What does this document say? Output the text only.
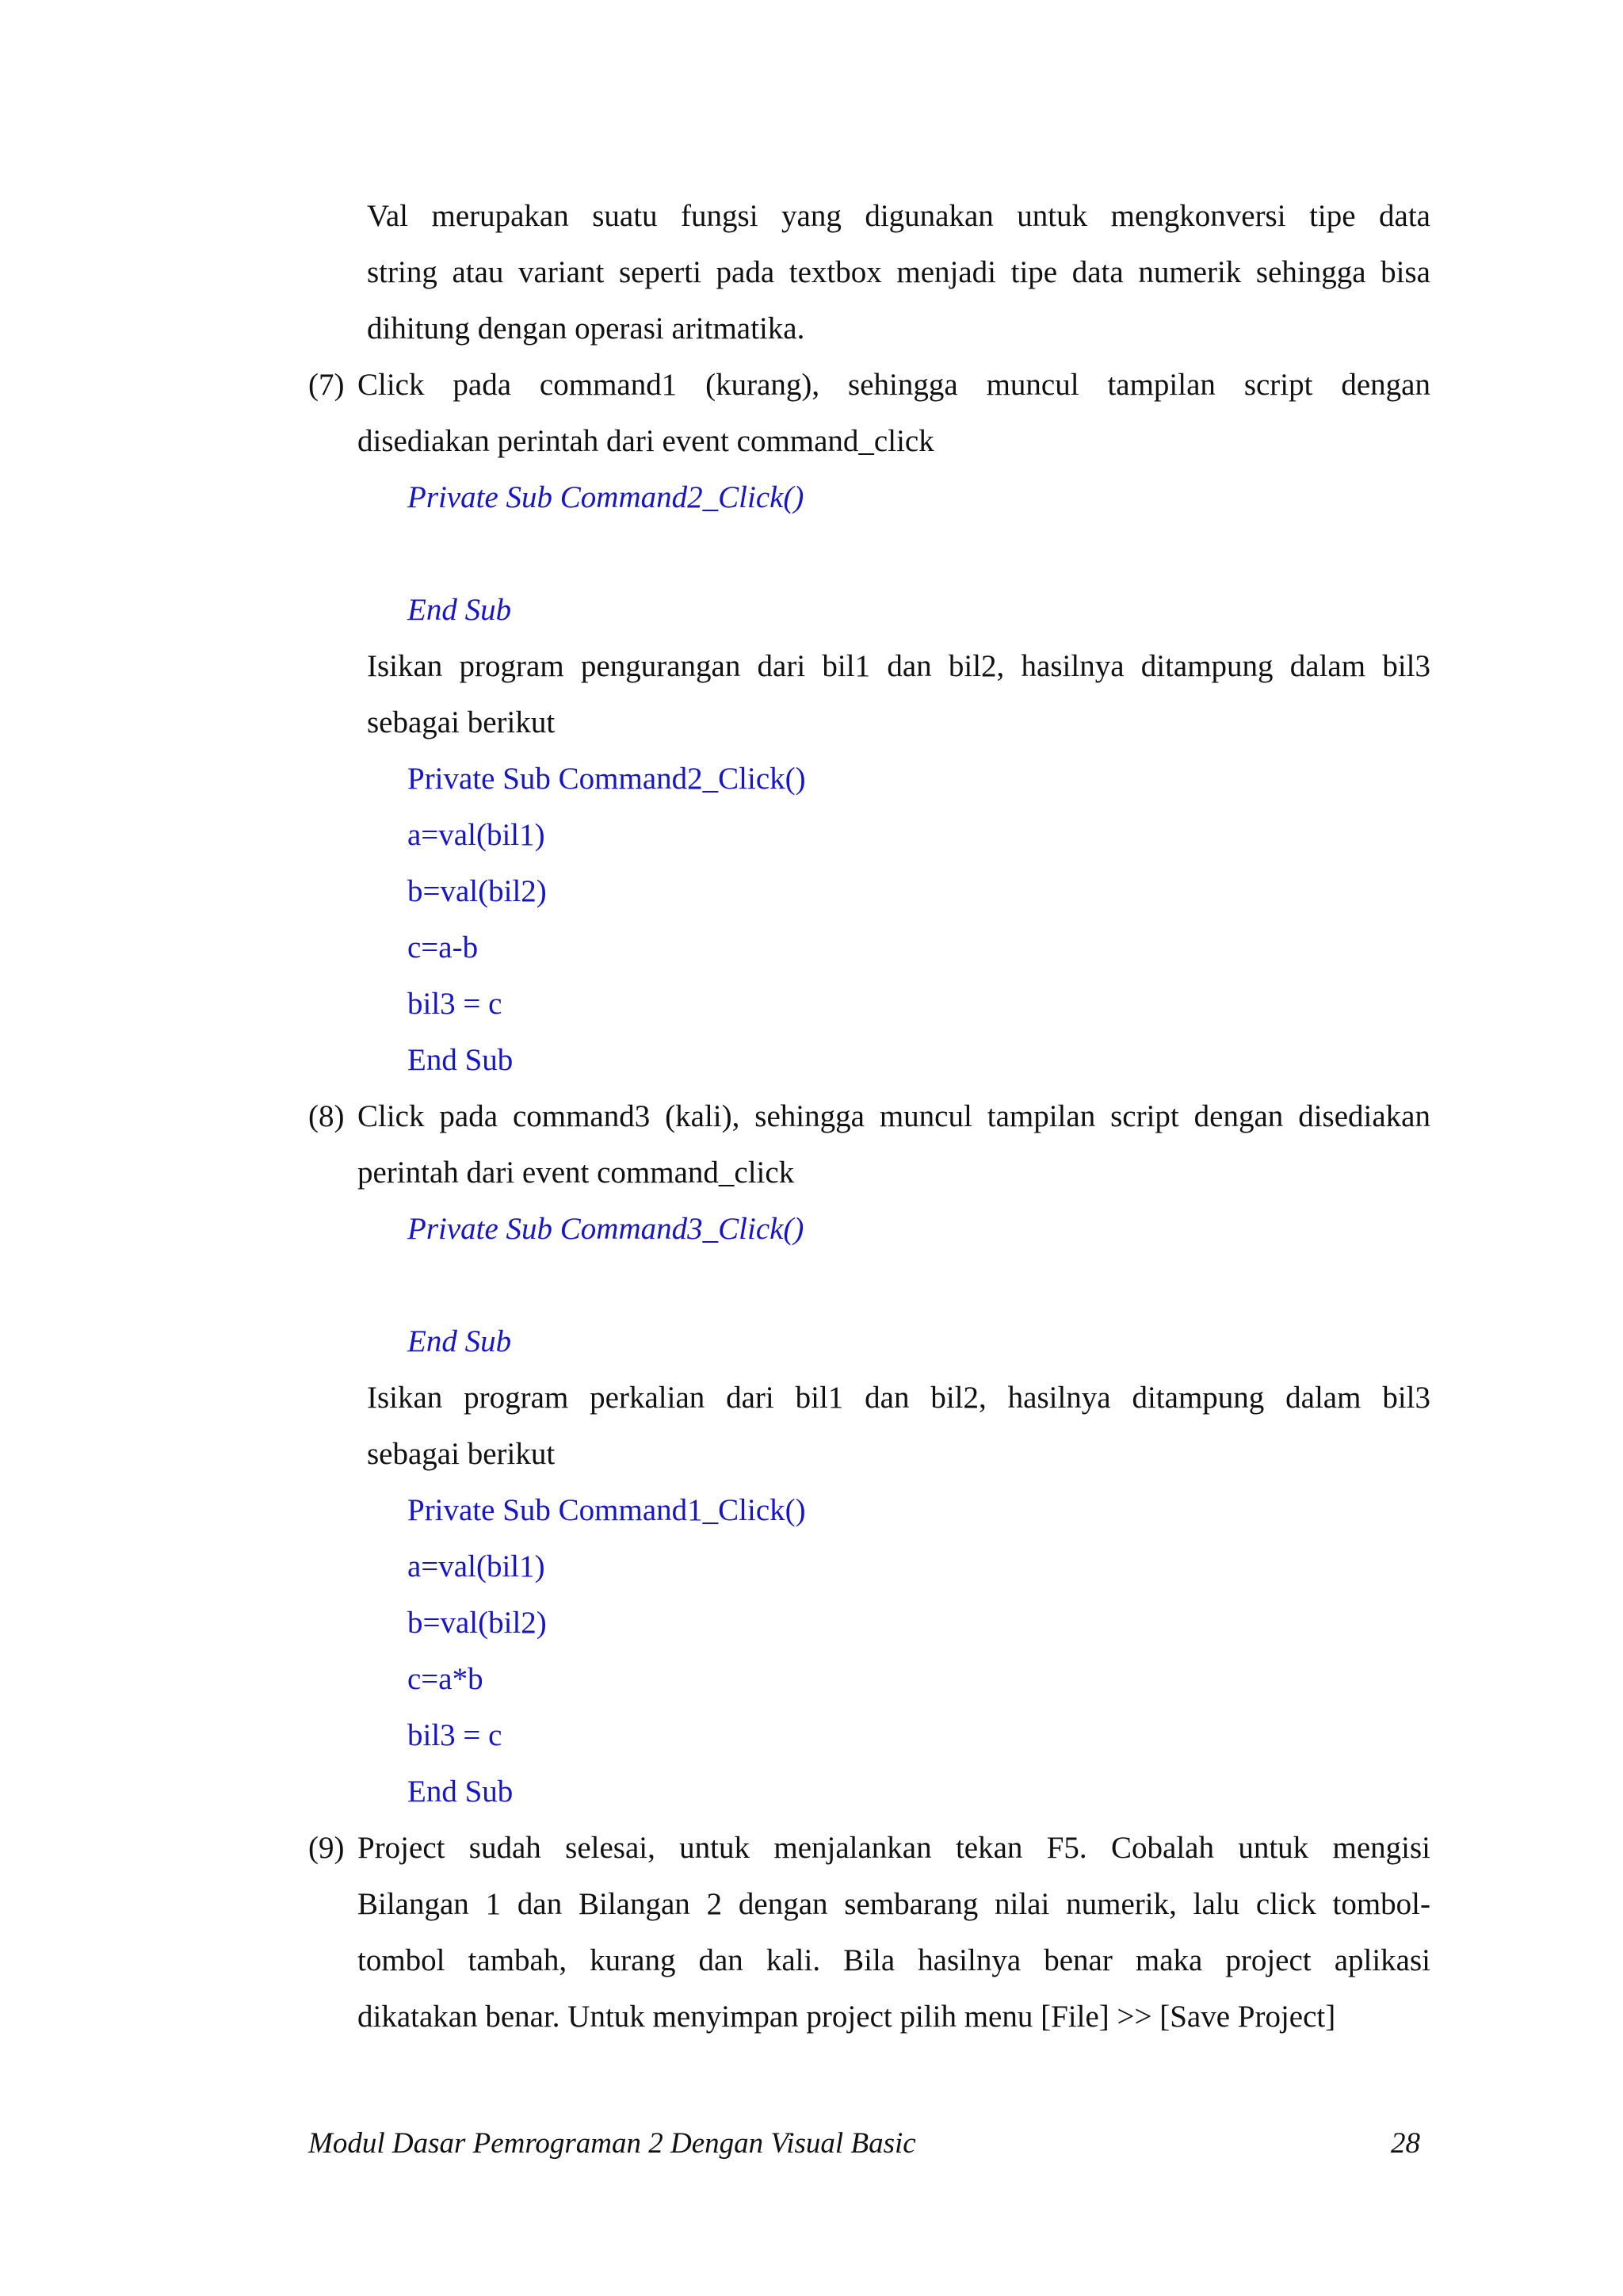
Val merupakan suatu fungsi yang digunakan untuk mengkonversi tipe data
string atau variant seperti pada textbox menjadi tipe data numerik sehingga bisa
dihitung dengan operasi aritmatika.
(7) Click pada command1 (kurang), sehingga muncul tampilan script dengan
disediakan perintah dari event command_click
Private Sub Command2_Click()
End Sub
Isikan program pengurangan dari bil1 dan bil2, hasilnya ditampung dalam bil3
sebagai berikut
Private Sub Command2_Click()
a=val(bil1)
b=val(bil2)
c=a-b
bil3 = c
End Sub
(8) Click pada command3 (kali), sehingga muncul tampilan script dengan disediakan
perintah dari event command_click
Private Sub Command3_Click()
End Sub
Isikan program perkalian dari bil1 dan bil2, hasilnya ditampung dalam bil3
sebagai berikut
Private Sub Command1_Click()
a=val(bil1)
b=val(bil2)
c=a*b
bil3 = c
End Sub
(9) Project sudah selesai, untuk menjalankan tekan F5. Cobalah untuk mengisi
Bilangan 1 dan Bilangan 2 dengan sembarang nilai numerik, lalu click tombol-
tombol tambah, kurang dan kali. Bila hasilnya benar maka project aplikasi
dikatakan benar. Untuk menyimpan project pilih menu [File] >> [Save Project]
Modul Dasar Pemrograman 2 Dengan Visual Basic	28
